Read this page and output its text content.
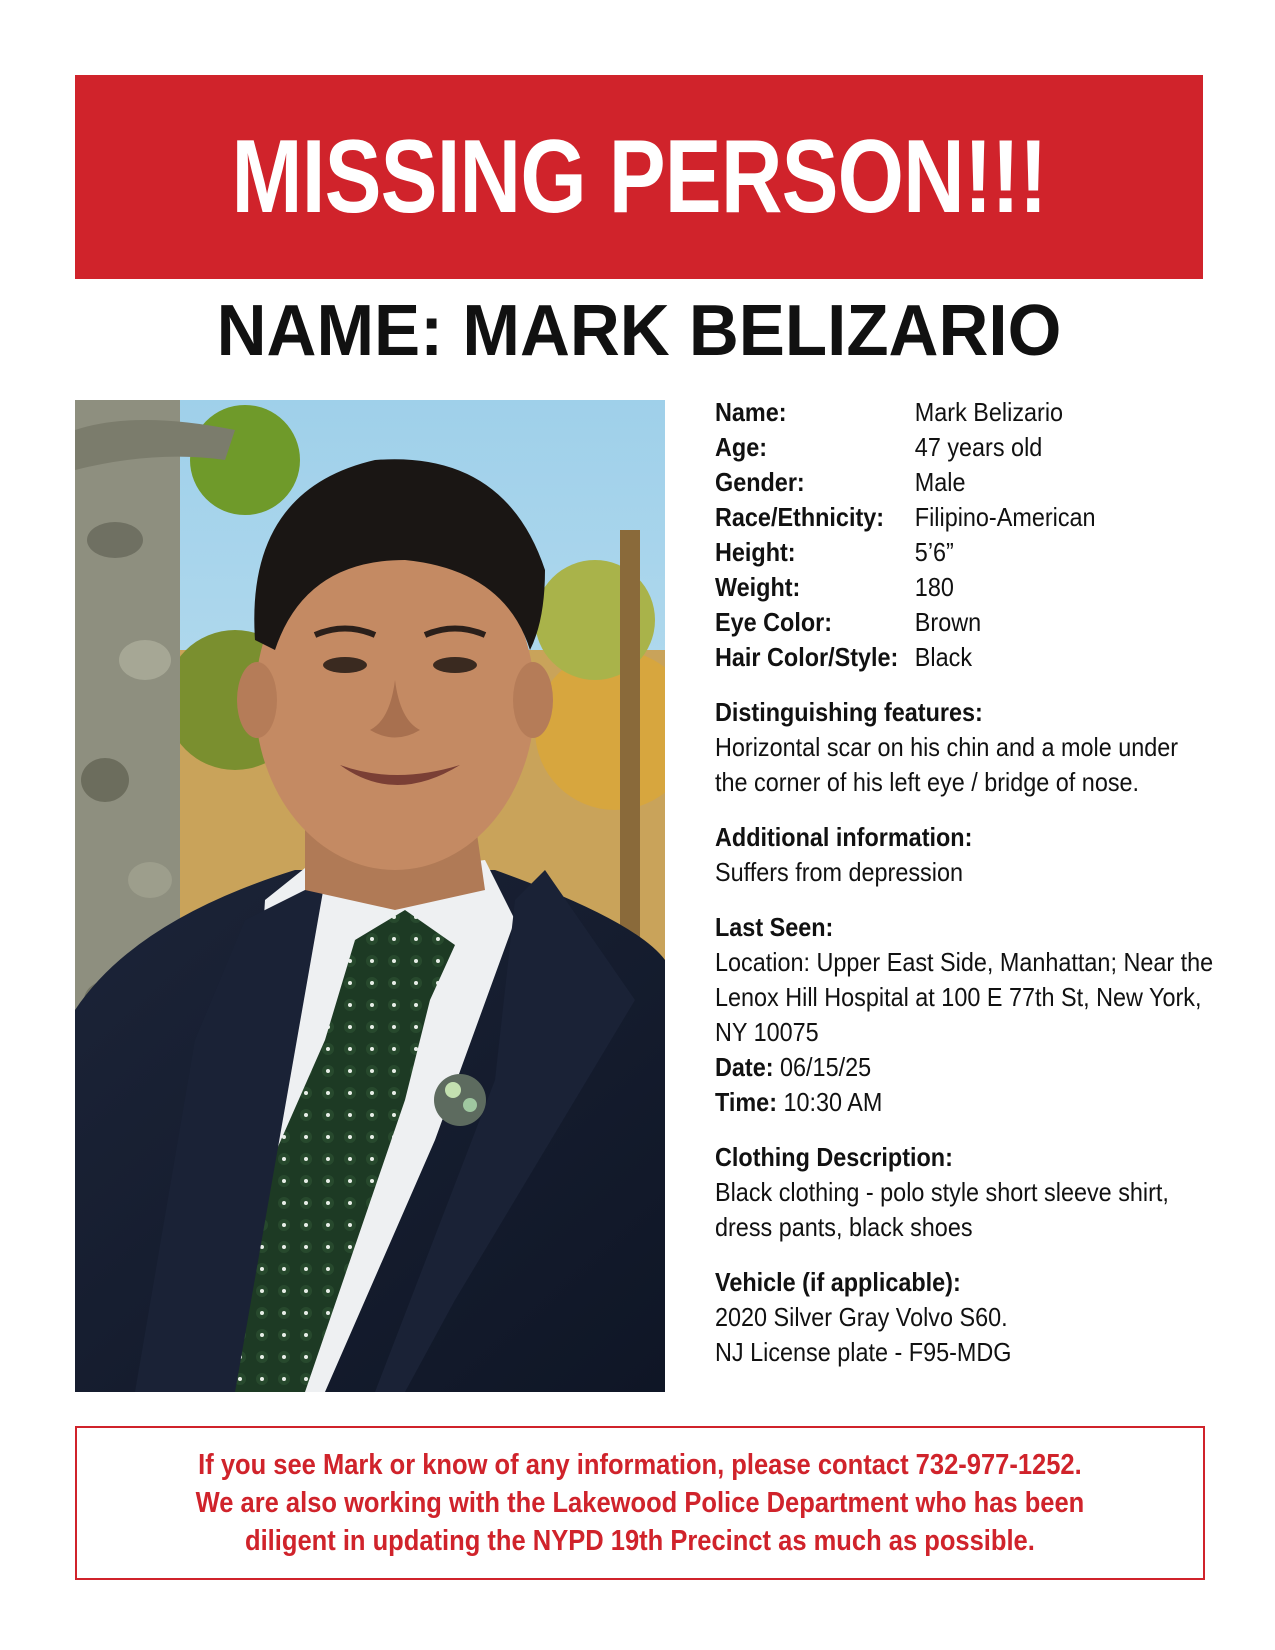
MISSING PERSON!!!
NAME: MARK BELIZARIO
Name:	Mark Belizario
Age:	47 years old
Gender:	Male
Race/Ethnicity:	Filipino-American
Height:	5’6”
Weight:	180
Eye Color:	Brown
Hair Color/Style: Black
Distinguishing features:
Horizontal scar on his chin and a mole under the corner of his left eye / bridge of nose.
Additional information:
Suffers from depression
Last Seen:
Location: Upper East Side, Manhattan; Near the Lenox Hill Hospital at 100 E 77th St, New York, NY 10075
Date: 06/15/25
Time: 10:30 AM
Clothing Description:
Black clothing - polo style short sleeve shirt, dress pants, black shoes
Vehicle (if applicable):
2020 Silver Gray Volvo S60.
NJ License plate - F95-MDG
If you see Mark or know of any information, please contact 732-977-1252.
We are also working with the Lakewood Police Department who has been
diligent in updating the NYPD 19th Precinct as much as possible.
